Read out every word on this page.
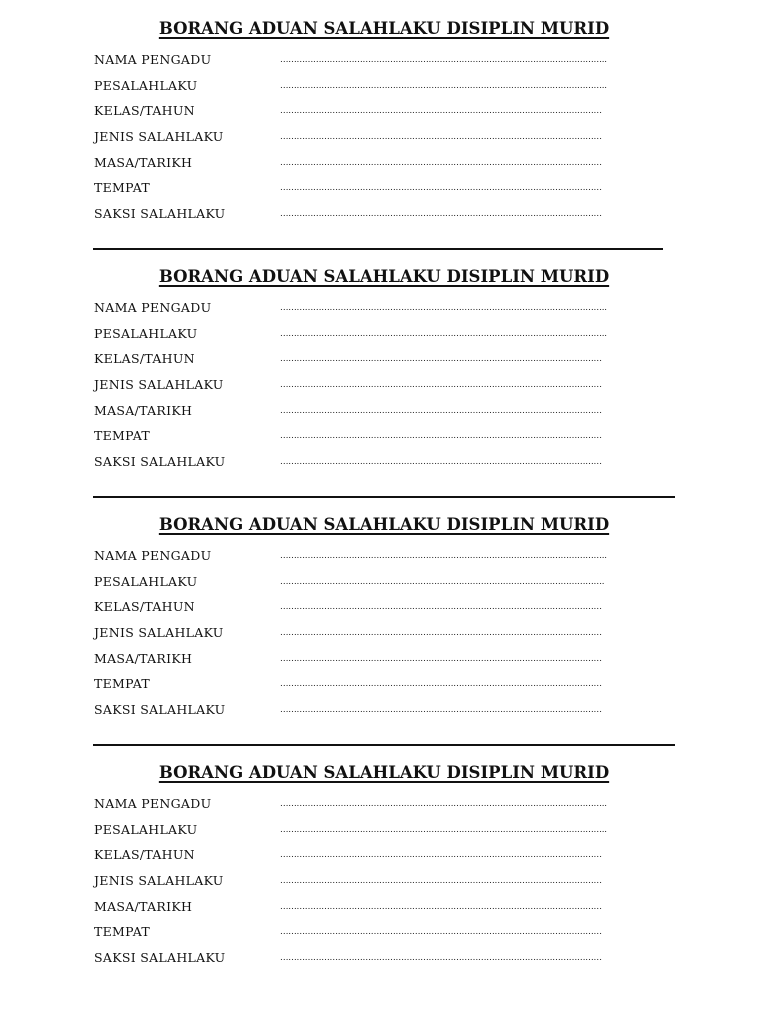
BORANG ADUAN SALAHLAKU DISIPLIN MURID
NAMA PENGADU	………………………………………………………………………………………………………..
PESALAHLAKU	………………………………………………………………………………………………………..
KELAS/TAHUN	………………………………………………………………………………………………………
JENIS SALAHLAKU	………………………………………………………………………………………………………
MASA/TARIKH	………………………………………………………………………………………………………
TEMPAT	………………………………………………………………………………………………………
SAKSI SALAHLAKU	………………………………………………………………………………………………………
BORANG ADUAN SALAHLAKU DISIPLIN MURID
NAMA PENGADU	………………………………………………………………………………………………………..
PESALAHLAKU	………………………………………………………………………………………………………..
KELAS/TAHUN	………………………………………………………………………………………………………
JENIS SALAHLAKU	………………………………………………………………………………………………………
MASA/TARIKH	………………………………………………………………………………………………………
TEMPAT	………………………………………………………………………………………………………
SAKSI SALAHLAKU	………………………………………………………………………………………………………
BORANG ADUAN SALAHLAKU DISIPLIN MURID
NAMA PENGADU	………………………………………………………………………………………………………..
PESALAHLAKU	……………………………………………………………………………………………………….
KELAS/TAHUN	………………………………………………………………………………………………………
JENIS SALAHLAKU	………………………………………………………………………………………………………
MASA/TARIKH	………………………………………………………………………………………………………
TEMPAT	………………………………………………………………………………………………………
SAKSI SALAHLAKU	………………………………………………………………………………………………………
BORANG ADUAN SALAHLAKU DISIPLIN MURID
NAMA PENGADU	………………………………………………………………………………………………………..
PESALAHLAKU	………………………………………………………………………………………………………..
KELAS/TAHUN	………………………………………………………………………………………………………
JENIS SALAHLAKU	………………………………………………………………………………………………………
MASA/TARIKH	………………………………………………………………………………………………………
TEMPAT	………………………………………………………………………………………………………
SAKSI SALAHLAKU	………………………………………………………………………………………………………
